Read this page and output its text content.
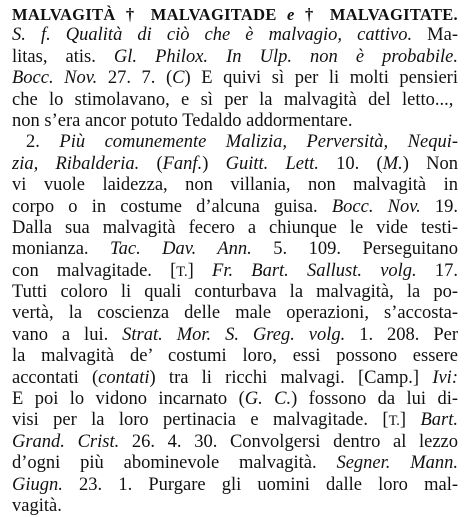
MALVAGITÀ † MALVAGITADE e † MALVAGITATE.
S. f. Qualità di ciò che è malvagio, cattivo. Ma-
litas, atis. Gl. Philox. In Ulp. non è probabile.
Bocc. Nov. 27. 7. (C) E quivi sì per li molti pensieri
che lo stimolavano, e sì per la malvagità del letto...,
non s’era ancor potuto Tedaldo addormentare.
2. Più comunemente Malizia, Perversità, Nequi-
zia, Ribalderia. (Fanf.) Guitt. Lett. 10. (M.) Non
vi vuole laidezza, non villania, non malvagità in
corpo o in costume d’alcuna guisa. Bocc. Nov. 19.
Dalla sua malvagità fecero a chiunque le vide testi-
monianza. Tac. Dav. Ann. 5. 109. Perseguitano
con malvagitade. [T.] Fr. Bart. Sallust. volg. 17.
Tutti coloro li quali conturbava la malvagità, la po-
vertà, la coscienza delle male operazioni, s’accosta-
vano a lui. Strat. Mor. S. Greg. volg. 1. 208. Per
la malvagità de’ costumi loro, essi possono essere
accontati (contati) tra li ricchi malvagi. [Camp.] Ivi:
E poi lo vidono incarnato (G. C.) fossono da lui di-
visi per la loro pertinacia e malvagitade. [T.] Bart.
Grand. Crist. 26. 4. 30. Convolgersi dentro al lezzo
d’ogni più abominevole malvagità. Segner. Mann.
Giugn. 23. 1. Purgare gli uomini dalle loro mal-
vagità.
